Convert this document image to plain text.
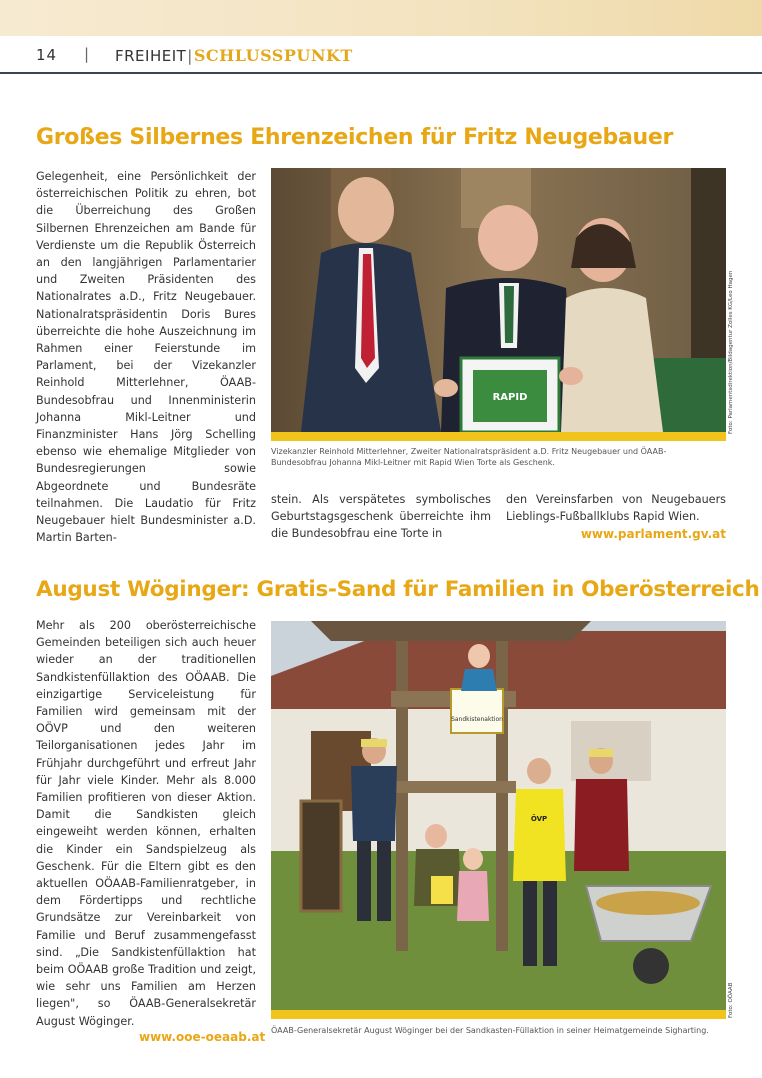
14 | FREIHEIT|SCHLUSSPUNKT
Großes Silbernes Ehrenzeichen für Fritz Neugebauer
Gelegenheit, eine Persönlichkeit der österreichischen Politik zu ehren, bot die Überreichung des Großen Silbernen Ehrenzeichen am Bande für Verdienste um die Republik Österreich an den langjährigen Parlamentarier und Zweiten Präsidenten des Nationalrates a.D., Fritz Neugebauer. Nationalratspräsidentin Doris Bures überreichte die hohe Auszeichnung im Rahmen einer Feierstunde im Parlament, bei der Vizekanzler Reinhold Mitterlehner, ÖAAB-Bundesobfrau und Innenministerin Johanna Mikl-Leitner und Finanzminister Hans Jörg Schelling ebenso wie ehemalige Mitglieder von Bundesregierungen sowie Abgeordnete und Bundesräte teilnahmen. Die Laudatio für Fritz Neugebauer hielt Bundesminister a.D. Martin Barten-
RAPID	Foto: Parlamentsdirektion/Bildagentur Zolles KG/Leo Hagen
Vizekanzler Reinhold Mitterlehner, Zweiter Nationalratspräsident a.D. Fritz Neugebauer und ÖAAB-Bundesobfrau Johanna Mikl-Leitner mit Rapid Wien Torte als Geschenk.
stein. Als verspätetes symbolisches Geburtstagsgeschenk überreichte ihm die Bundesobfrau eine Torte in
den Vereinsfarben von Neugebauers Lieblings-Fußballklubs Rapid Wien.
www.parlament.gv.at
August Wöginger: Gratis-Sand für Familien in Oberösterreich
Mehr als 200 oberösterreichische Gemeinden beteiligen sich auch heuer wieder an der traditionellen Sandkistenfüllaktion des OÖAAB. Die einzigartige Serviceleistung für Familien wird gemeinsam mit der OÖVP und den weiteren Teilorganisationen jedes Jahr im Frühjahr durchgeführt und erfreut Jahr für Jahr viele Kinder. Mehr als 8.000 Familien profitieren von dieser Aktion. Damit die Sandkisten gleich eingeweiht werden können, erhalten die Kinder ein Sandspielzeug als Geschenk. Für die Eltern gibt es den aktuellen OÖAAB-Familienratgeber, in dem Fördertipps und rechtliche Grundsätze zur Vereinbarkeit von Familie und Beruf zusammengefasst sind. „Die Sandkistenfüllaktion hat beim OÖAAB große Tradition und zeigt, wie sehr uns Familien am Herzen liegen", so ÖAAB-Generalsekretär August Wöginger.
www.ooe-oeaab.at
Sandkistenaktion
ÖVP
Foto: OÖAAB
ÖAAB-Generalsekretär August Wöginger bei der Sandkasten-Füllaktion in seiner Heimatgemeinde Sigharting.
